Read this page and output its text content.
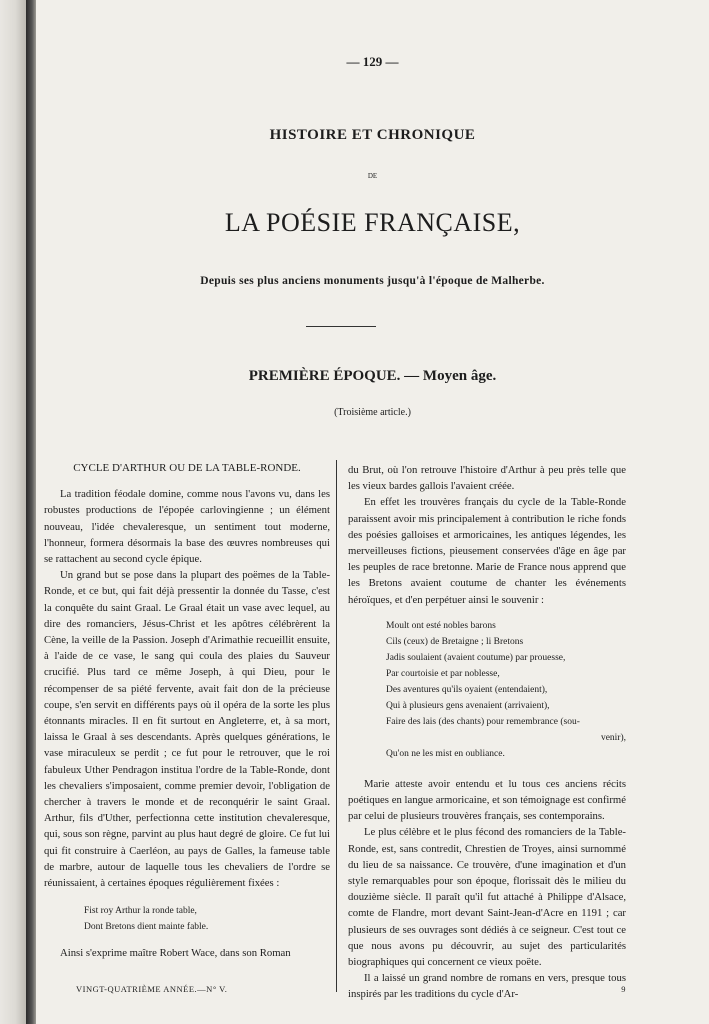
— 129 —
HISTOIRE ET CHRONIQUE
DE
LA POÉSIE FRANÇAISE,
Depuis ses plus anciens monuments jusqu'à l'époque de Malherbe.
PREMIÈRE ÉPOQUE. — Moyen âge.
(Troisième article.)

CYCLE D'ARTHUR OU DE LA TABLE-RONDE.

La tradition féodale domine, comme nous l'avons vu, dans les robustes productions de l'épopée carlovingienne ; un élément nouveau, l'idée chevaleresque, un sentiment tout moderne, l'honneur, formera désormais la base des œuvres nombreuses qui se rattachent au second cycle épique.

Un grand but se pose dans la plupart des poëmes de la Table-Ronde, et ce but, qui fait déjà pressentir la donnée du Tasse, c'est la conquête du saint Graal. Le Graal était un vase avec lequel, au dire des romanciers, Jésus-Christ et les apôtres célébrèrent la Cène, la veille de la Passion. Joseph d'Arimathie recueillit ensuite, à l'aide de ce vase, le sang qui coula des plaies du Sauveur crucifié. Plus tard ce même Joseph, à qui Dieu, pour le récompenser de sa piété fervente, avait fait don de la précieuse coupe, s'en servit en différents pays où il opéra de la sorte les plus étonnants miracles. Il en fit surtout en Angleterre, et, à sa mort, laissa le Graal à ses descendants. Après quelques générations, le vase miraculeux se perdit ; ce fut pour le retrouver, que le roi fabuleux Uther Pendragon institua l'ordre de la Table-Ronde, dont les chevaliers s'imposaient, comme premier devoir, l'obligation de chercher à travers le monde et de reconquérir le saint Graal. Arthur, fils d'Uther, perfectionna cette institution chevaleresque, qui, sous son règne, parvint au plus haut degré de gloire. Ce fut lui qui fit construire à Caerléon, au pays de Galles, la fameuse table de marbre, autour de laquelle tous les chevaliers de l'ordre se réunissaient, à certaines époques régulièrement fixées :

Fist roy Arthur la ronde table,
Dont Bretons dient mainte fable.

Ainsi s'exprime maître Robert Wace, dans son Roman

du Brut, où l'on retrouve l'histoire d'Arthur à peu près telle que les vieux bardes gallois l'avaient créée.

En effet les trouvères français du cycle de la Table-Ronde paraissent avoir mis principalement à contribution le riche fonds des poésies galloises et armoricaines, les antiques légendes, les merveilleuses fictions, pieusement conservées d'âge en âge par les peuples de race bretonne. Marie de France nous apprend que les Bretons avaient coutume de chanter les événements héroïques, et d'en perpétuer ainsi le souvenir :

Moult ont esté nobles barons
Cils (ceux) de Bretaigne ; li Bretons
Jadis soulaient (avaient coutume) par prouesse,
Par courtoisie et par noblesse,
Des aventures qu'ils oyaient (entendaient),
Qui à plusieurs gens avenaient (arrivaient),
Faire des lais (des chants) pour remembrance (sou-
venir),
Qu'on ne les mist en oubliance.

Marie atteste avoir entendu et lu tous ces anciens récits poétiques en langue armoricaine, et son témoignage est confirmé par celui de plusieurs trouvères français, ses contemporains.

Le plus célèbre et le plus fécond des romanciers de la Table-Ronde, est, sans contredit, Chrestien de Troyes, ainsi surnommé du lieu de sa naissance. Ce trouvère, d'une imagination et d'un style remarquables pour son époque, florissait dès le milieu du douzième siècle. Il paraît qu'il fut attaché à Philippe d'Alsace, comte de Flandre, mort devant Saint-Jean-d'Acre en 1191 ; car plusieurs de ses ouvrages sont dédiés à ce seigneur. C'est tout ce que nous avons pu découvrir, au sujet des particularités biographiques qui concernent ce vieux poëte.

Il a laissé un grand nombre de romans en vers, presque tous inspirés par les traditions du cycle d'Ar-

VINGT-QUATRIÈME ANNÉE.—N° V.	9
